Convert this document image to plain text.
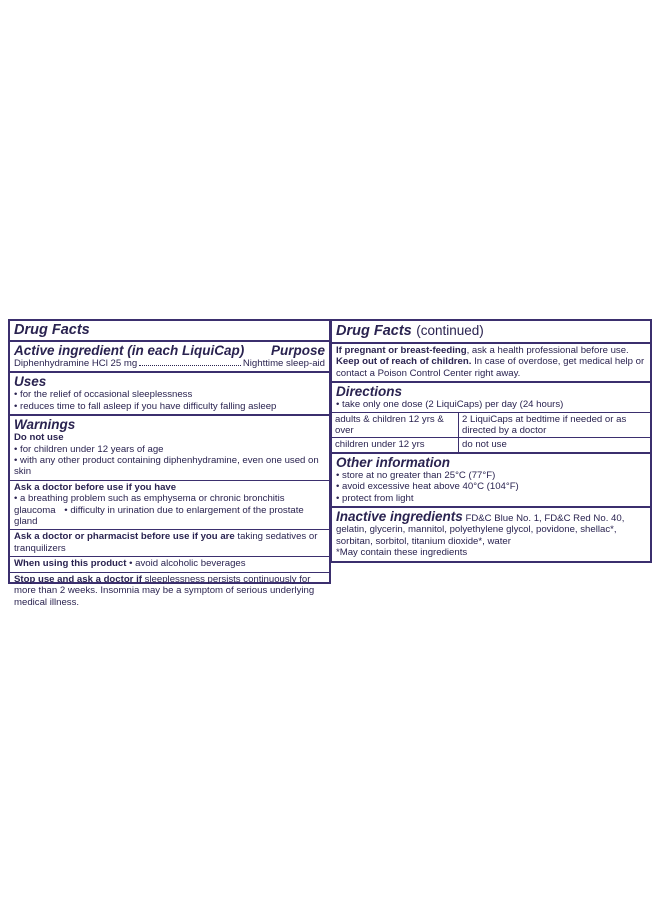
Drug Facts
Active ingredient (in each LiquiCap) Purpose
Diphenhydramine HCl 25 mg	Nighttime sleep-aid
Uses
• for the relief of occasional sleeplessness
• reduces time to fall asleep if you have difficulty falling asleep
Warnings
Do not use
• for children under 12 years of age
• with any other product containing diphenhydramine, even one used on skin
Ask a doctor before use if you have
• a breathing problem such as emphysema or chronic bronchitis
glaucoma • difficulty in urination due to enlargement of the prostate gland
Ask a doctor or pharmacist before use if you are taking sedatives or tranquilizers
When using this product • avoid alcoholic beverages
Stop use and ask a doctor if sleeplessness persists continuously for more than 2 weeks. Insomnia may be a symptom of serious underlying medical illness.
Drug Facts (continued)
If pregnant or breast-feeding, ask a health professional before use. Keep out of reach of children. In case of overdose, get medical help or contact a Poison Control Center right away.
Directions
• take only one dose (2 LiquiCaps) per day (24 hours)
adults & children 12 yrs & over	2 LiquiCaps at bedtime if needed or as directed by a doctor
children under 12 yrs	do not use
Other information
• store at no greater than 25°C (77°F)
• avoid excessive heat above 40°C (104°F)
• protect from light
Inactive ingredients FD&C Blue No. 1, FD&C Red No. 40, gelatin, glycerin, mannitol, polyethylene glycol, povidone, shellac*, sorbitan, sorbitol, titanium dioxide*, water
*May contain these ingredients
